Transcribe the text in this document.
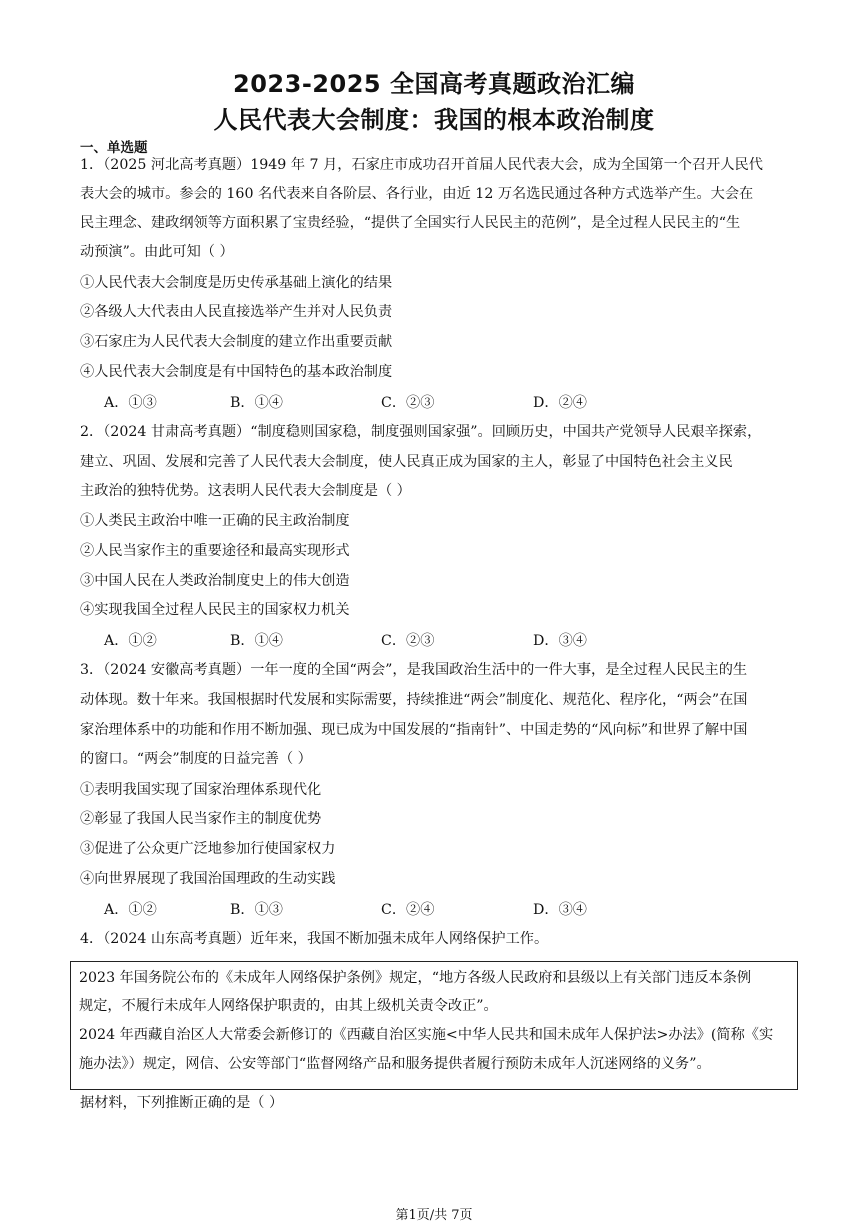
2023-2025 全国高考真题政治汇编
人民代表大会制度：我国的根本政治制度
一、单选题
1．（2025 河北高考真题）1949 年 7 月，石家庄市成功召开首届人民代表大会，成为全国第一个召开人民代
表大会的城市。参会的 160 名代表来自各阶层、各行业，由近 12 万名选民通过各种方式选举产生。大会在
民主理念、建政纲领等方面积累了宝贵经验，“提供了全国实行人民民主的范例”，是全过程人民民主的“生
动预演”。由此可知（ ）
①人民代表大会制度是历史传承基础上演化的结果
②各级人大代表由人民直接选举产生并对人民负责
③石家庄为人民代表大会制度的建立作出重要贡献
④人民代表大会制度是有中国特色的基本政治制度
A．①③	B．①④	C．②③	D．②④
2．（2024 甘肃高考真题）“制度稳则国家稳，制度强则国家强”。回顾历史，中国共产党领导人民艰辛探索，
建立、巩固、发展和完善了人民代表大会制度，使人民真正成为国家的主人，彰显了中国特色社会主义民
主政治的独特优势。这表明人民代表大会制度是（ ）
①人类民主政治中唯一正确的民主政治制度
②人民当家作主的重要途径和最高实现形式
③中国人民在人类政治制度史上的伟大创造
④实现我国全过程人民民主的国家权力机关
A．①②	B．①④	C．②③	D．③④
3．（2024 安徽高考真题）一年一度的全国“两会”，是我国政治生活中的一件大事，是全过程人民民主的生
动体现。数十年来。我国根据时代发展和实际需要，持续推进“两会”制度化、规范化、程序化，“两会”在国
家治理体系中的功能和作用不断加强、现已成为中国发展的“指南针”、中国走势的“风向标”和世界了解中国
的窗口。“两会”制度的日益完善（ ）
①表明我国实现了国家治理体系现代化
②彰显了我国人民当家作主的制度优势
③促进了公众更广泛地参加行使国家权力
④向世界展现了我国治国理政的生动实践
A．①②	B．①③	C．②④	D．③④
4．（2024 山东高考真题）近年来，我国不断加强未成年人网络保护工作。
2023 年国务院公布的《未成年人网络保护条例》规定，“地方各级人民政府和县级以上有关部门违反本条例
规定，不履行未成年人网络保护职责的，由其上级机关责令改正”。
2024 年西藏自治区人大常委会新修订的《西藏自治区实施<中华人民共和国未成年人保护法>办法》(简称《实
施办法》）规定，网信、公安等部门“监督网络产品和服务提供者履行预防未成年人沉迷网络的义务”。
据材料，下列推断正确的是（ ）
第1页/共 7页
